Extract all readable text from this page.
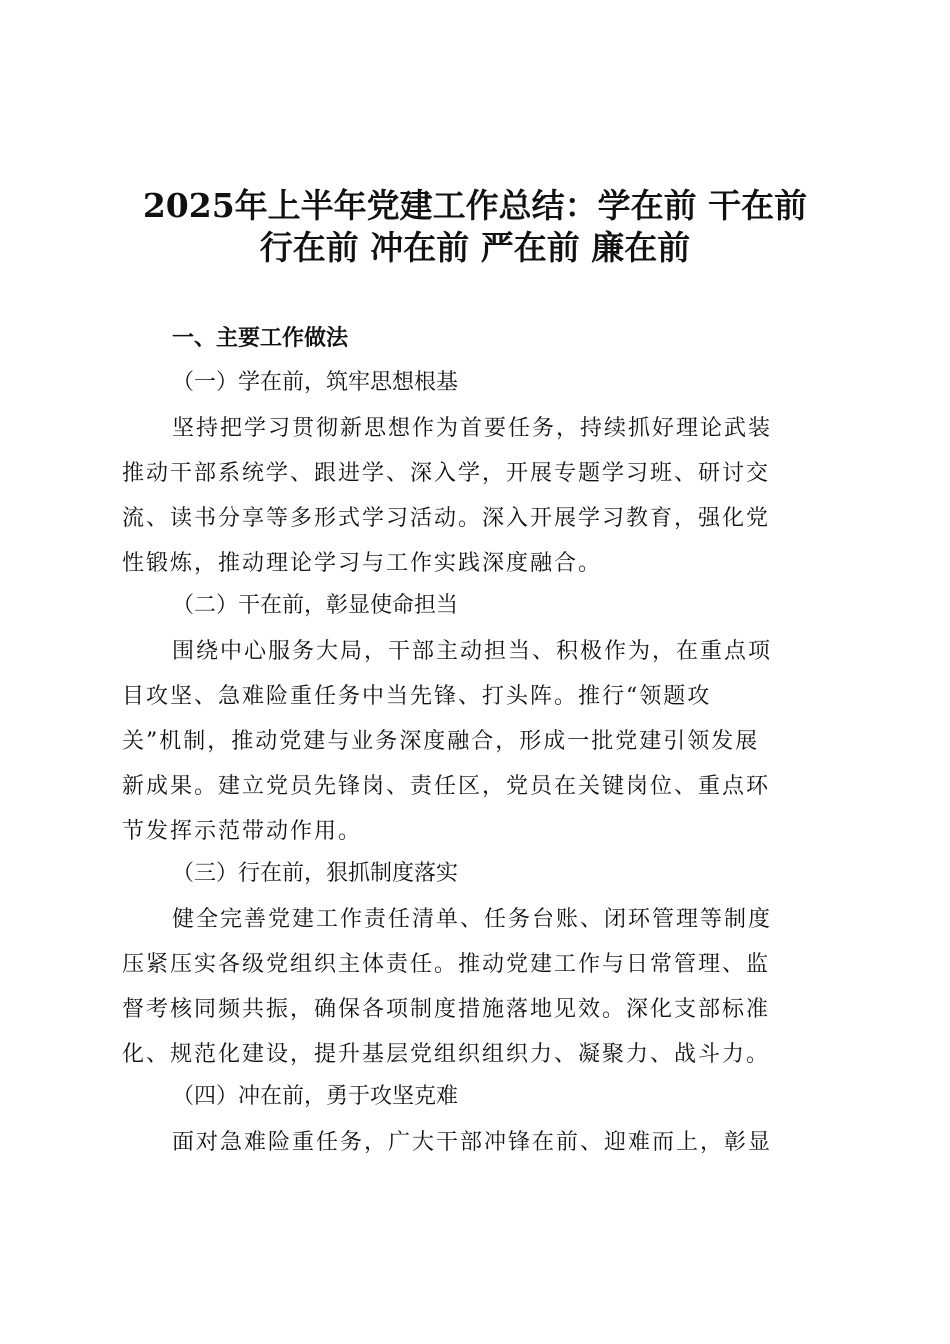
2025年上半年党建工作总结：学在前 干在前
行在前 冲在前 严在前 廉在前
一、主要工作做法
（一）学在前，筑牢思想根基
坚持把学习贯彻新思想作为首要任务，持续抓好理论武装
推动干部系统学、跟进学、深入学，开展专题学习班、研讨交
流、读书分享等多形式学习活动。深入开展学习教育，强化党
性锻炼，推动理论学习与工作实践深度融合。
（二）干在前，彰显使命担当
围绕中心服务大局，干部主动担当、积极作为，在重点项
目攻坚、急难险重任务中当先锋、打头阵。推行“领题攻
关”机制，推动党建与业务深度融合，形成一批党建引领发展
新成果。建立党员先锋岗、责任区，党员在关键岗位、重点环
节发挥示范带动作用。
（三）行在前，狠抓制度落实
健全完善党建工作责任清单、任务台账、闭环管理等制度
压紧压实各级党组织主体责任。推动党建工作与日常管理、监
督考核同频共振，确保各项制度措施落地见效。深化支部标准
化、规范化建设，提升基层党组织组织力、凝聚力、战斗力。
（四）冲在前，勇于攻坚克难
面对急难险重任务，广大干部冲锋在前、迎难而上，彰显
